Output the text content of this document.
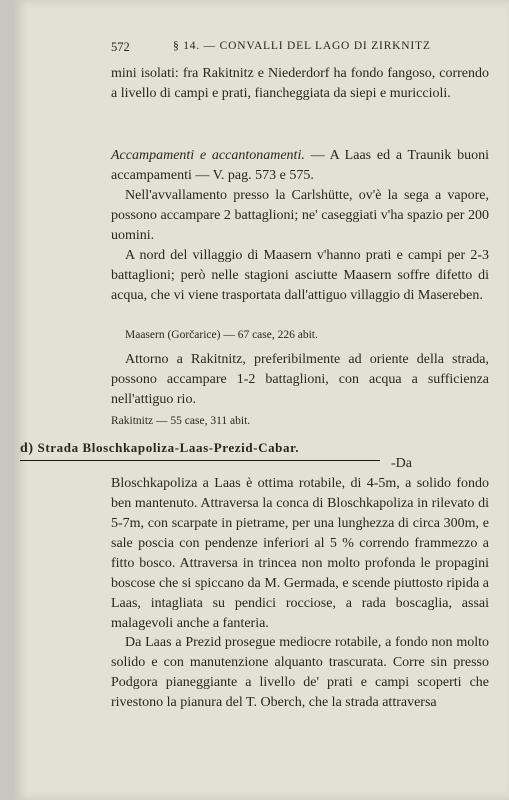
572	§ 14. — CONVALLI DEL LAGO DI ZIRKNITZ

mini isolati: fra Rakitnitz e Niederdorf ha fondo fangoso, correndo a livello di campi e prati, fiancheggiata da siepi e muriccioli.

Accampamenti e accantonamenti. — A Laas ed a Traunik buoni accampamenti — V. pag. 573 e 575.

Nell'avvallamento presso la Carlshütte, ov'è la sega a vapore, possono accampare 2 battaglioni; ne' caseggiati v'ha spazio per 200 uomini.

A nord del villaggio di Maasern v'hanno prati e campi per 2-3 battaglioni; però nelle stagioni asciutte Maasern soffre difetto di acqua, che vi viene trasportata dall'attiguo villaggio di Masereben.

Maasern (Gorčarice) — 67 case, 226 abit.

Attorno a Rakitnitz, preferibilmente ad oriente della strada, possono accampare 1-2 battaglioni, con acqua a sufficienza nell'attiguo rio.

Rakitnitz — 55 case, 311 abit.

d) Strada Bloschkapoliza-Laas-Prezid-Cabar.

-Da Bloschkapoliza a Laas è ottima rotabile, di 4-5m, a solido fondo ben mantenuto. Attraversa la conca di Bloschkapoliza in rilevato di 5-7m, con scarpate in pietrame, per una lunghezza di circa 300m, e sale poscia con pendenze inferiori al 5 % correndo frammezzo a fitto bosco. Attraversa in trincea non molto profonda le propagini boscose che si spiccano da M. Germada, e scende piuttosto ripida a Laas, intagliata su pendici rocciose, a rada boscaglia, assai malagevoli anche a fanteria.

Da Laas a Prezid prosegue mediocre rotabile, a fondo non molto solido e con manutenzione alquanto trascurata. Corre sin presso Podgora pianeggiante a livello de' prati e campi scoperti che rivestono la pianura del T. Oberch, che la strada attraversa
